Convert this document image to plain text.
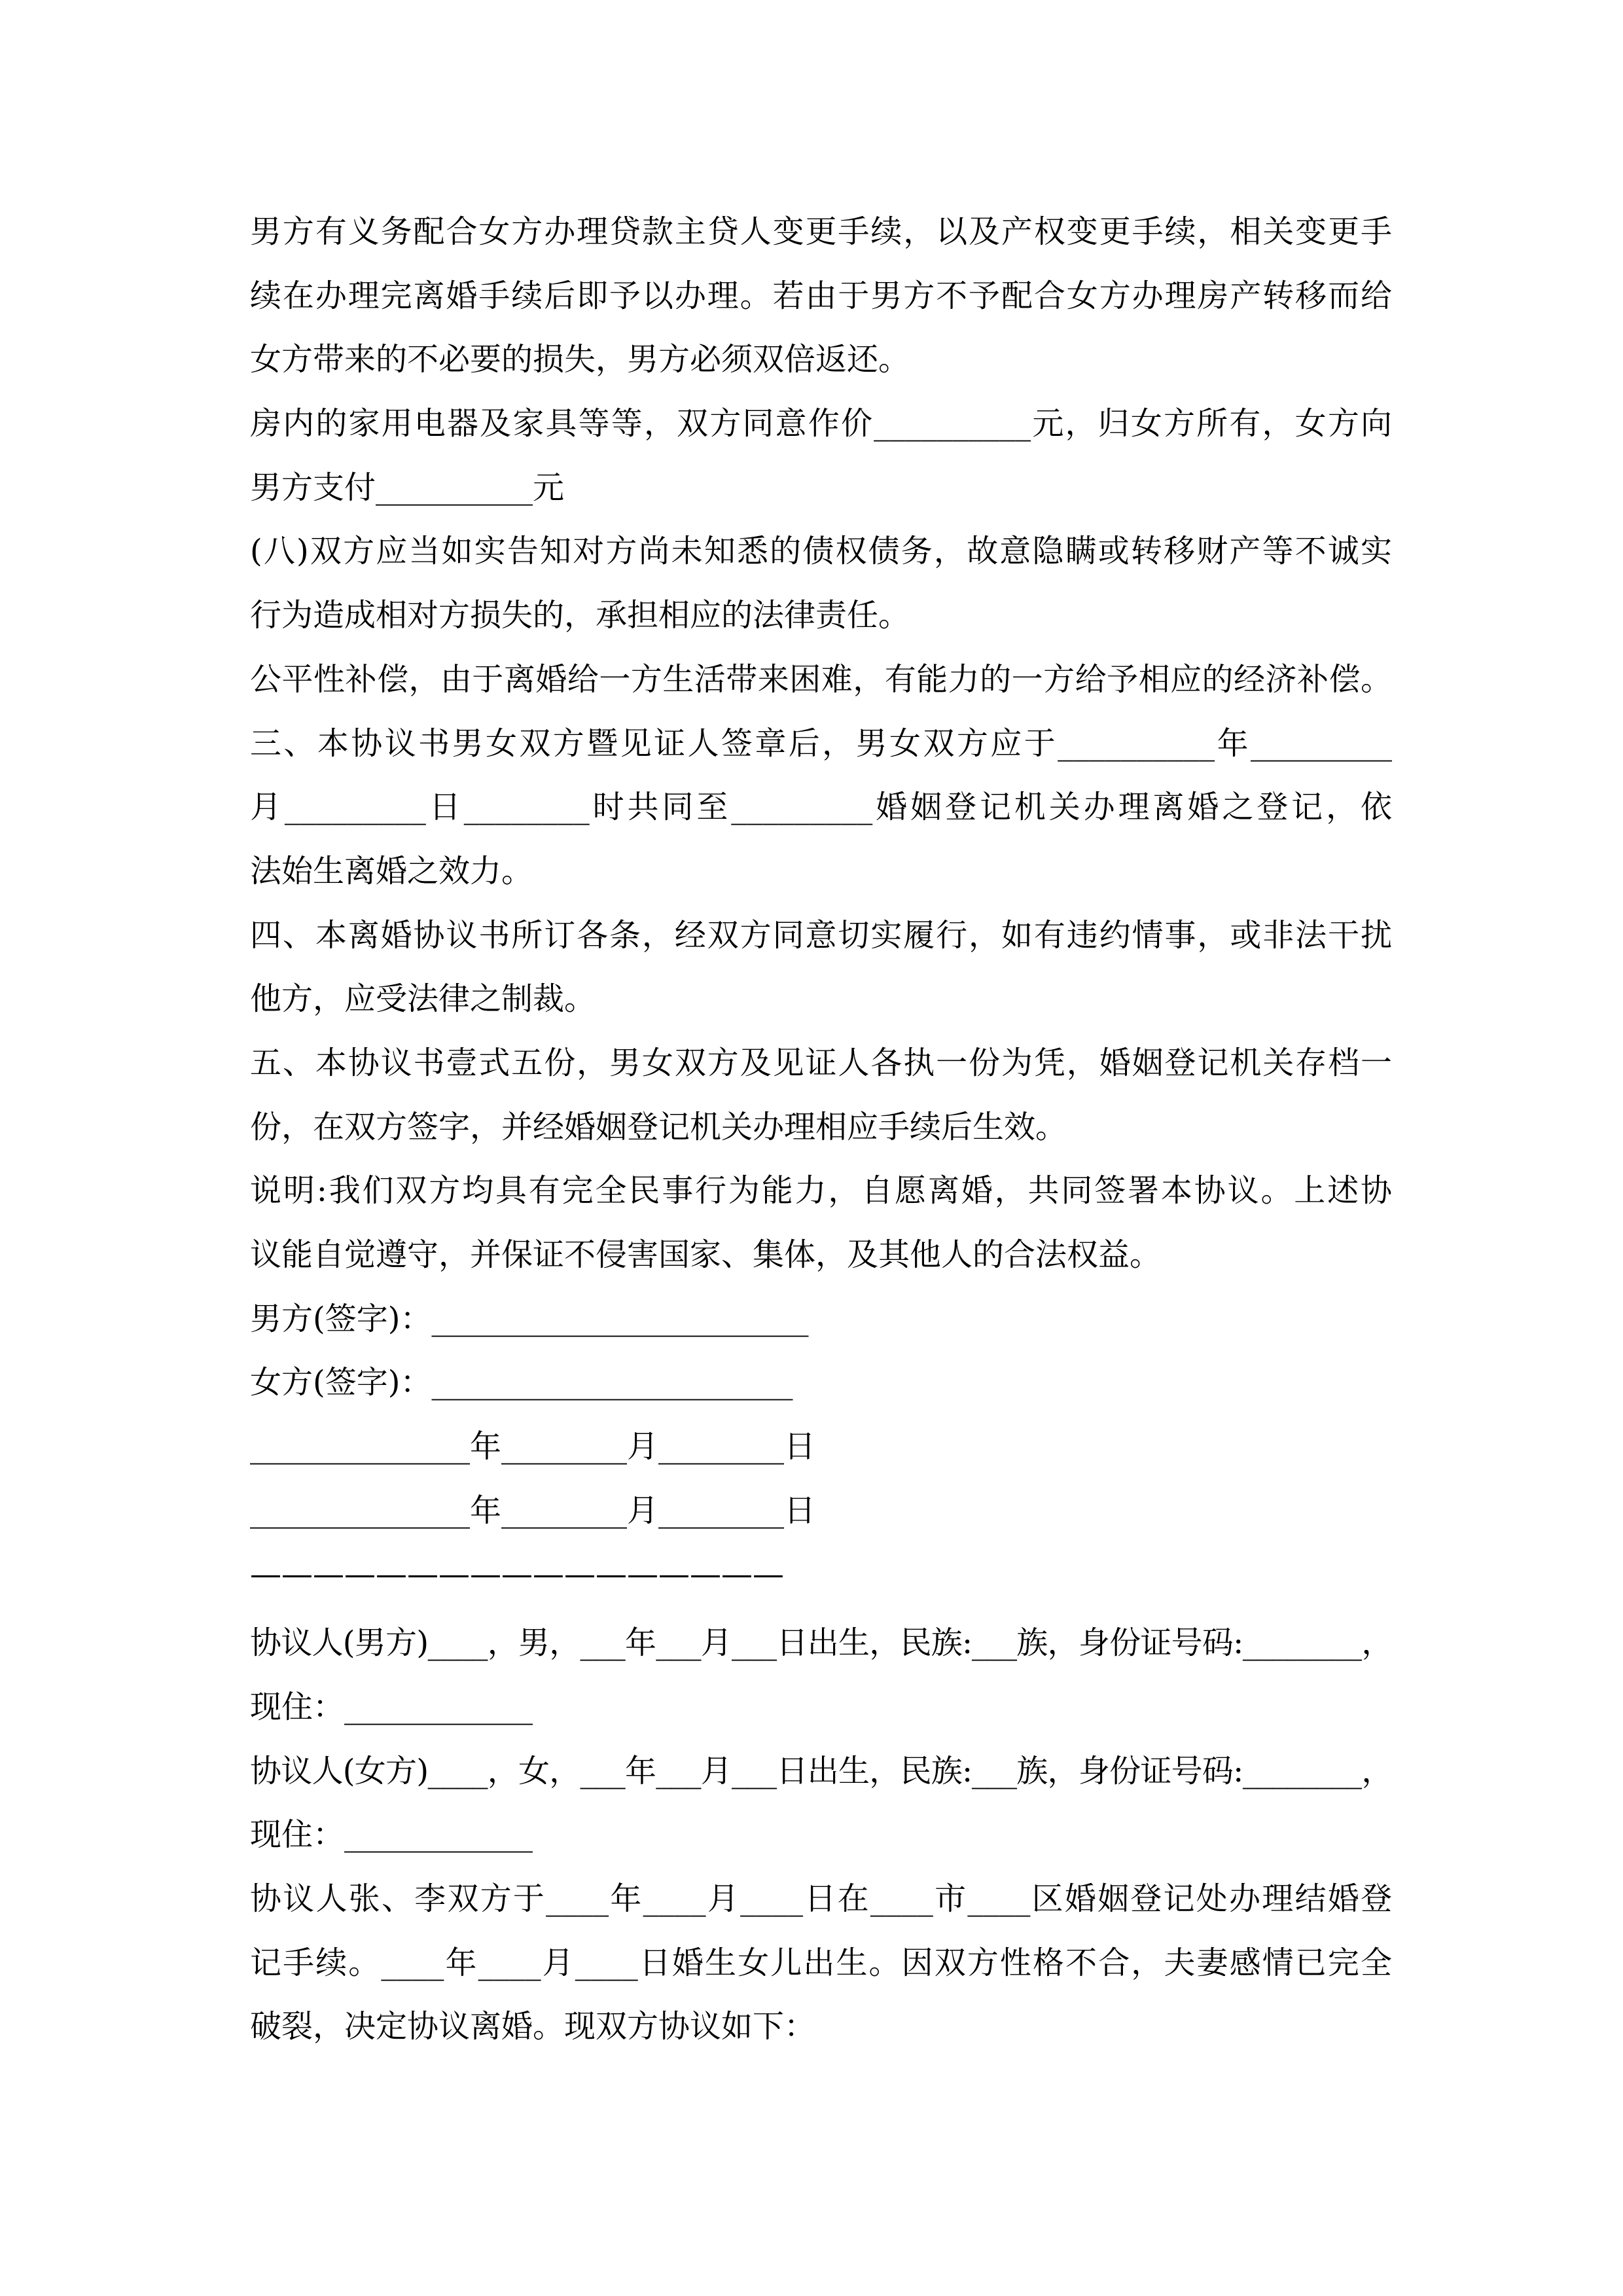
男方有义务配合女方办理贷款主贷人变更手续，以及产权变更手续，相关变更手
续在办理完离婚手续后即予以办理。若由于男方不予配合女方办理房产转移而给
女方带来的不必要的损失，男方必须双倍返还。
房内的家用电器及家具等等，双方同意作价__________元，归女方所有，女方向
男方支付__________元
(八)双方应当如实告知对方尚未知悉的债权债务，故意隐瞒或转移财产等不诚实
行为造成相对方损失的，承担相应的法律责任。
公平性补偿，由于离婚给一方生活带来困难，有能力的一方给予相应的经济补偿。
三、本协议书男女双方暨见证人签章后，男女双方应于__________年_________
月_________日________时共同至_________婚姻登记机关办理离婚之登记，依
法始生离婚之效力。
四、本离婚协议书所订各条，经双方同意切实履行，如有违约情事，或非法干扰
他方，应受法律之制裁。
五、本协议书壹式五份，男女双方及见证人各执一份为凭，婚姻登记机关存档一
份，在双方签字，并经婚姻登记机关办理相应手续后生效。
说明:我们双方均具有完全民事行为能力，自愿离婚，共同签署本协议。上述协
议能自觉遵守，并保证不侵害国家、集体，及其他人的合法权益。
男方(签字)：________________________
女方(签字)：_______________________
______________年________月________日
______________年________月________日
—————————————————
协议人(男方)____，男，___年___月___日出生，民族:___族，身份证号码:________，
现住：____________
协议人(女方)____，女，___年___月___日出生，民族:___族，身份证号码:________，
现住：____________
协议人张、李双方于____年____月____日在____市____区婚姻登记处办理结婚登
记手续。____年____月____日婚生女儿出生。因双方性格不合，夫妻感情已完全
破裂，决定协议离婚。现双方协议如下：
